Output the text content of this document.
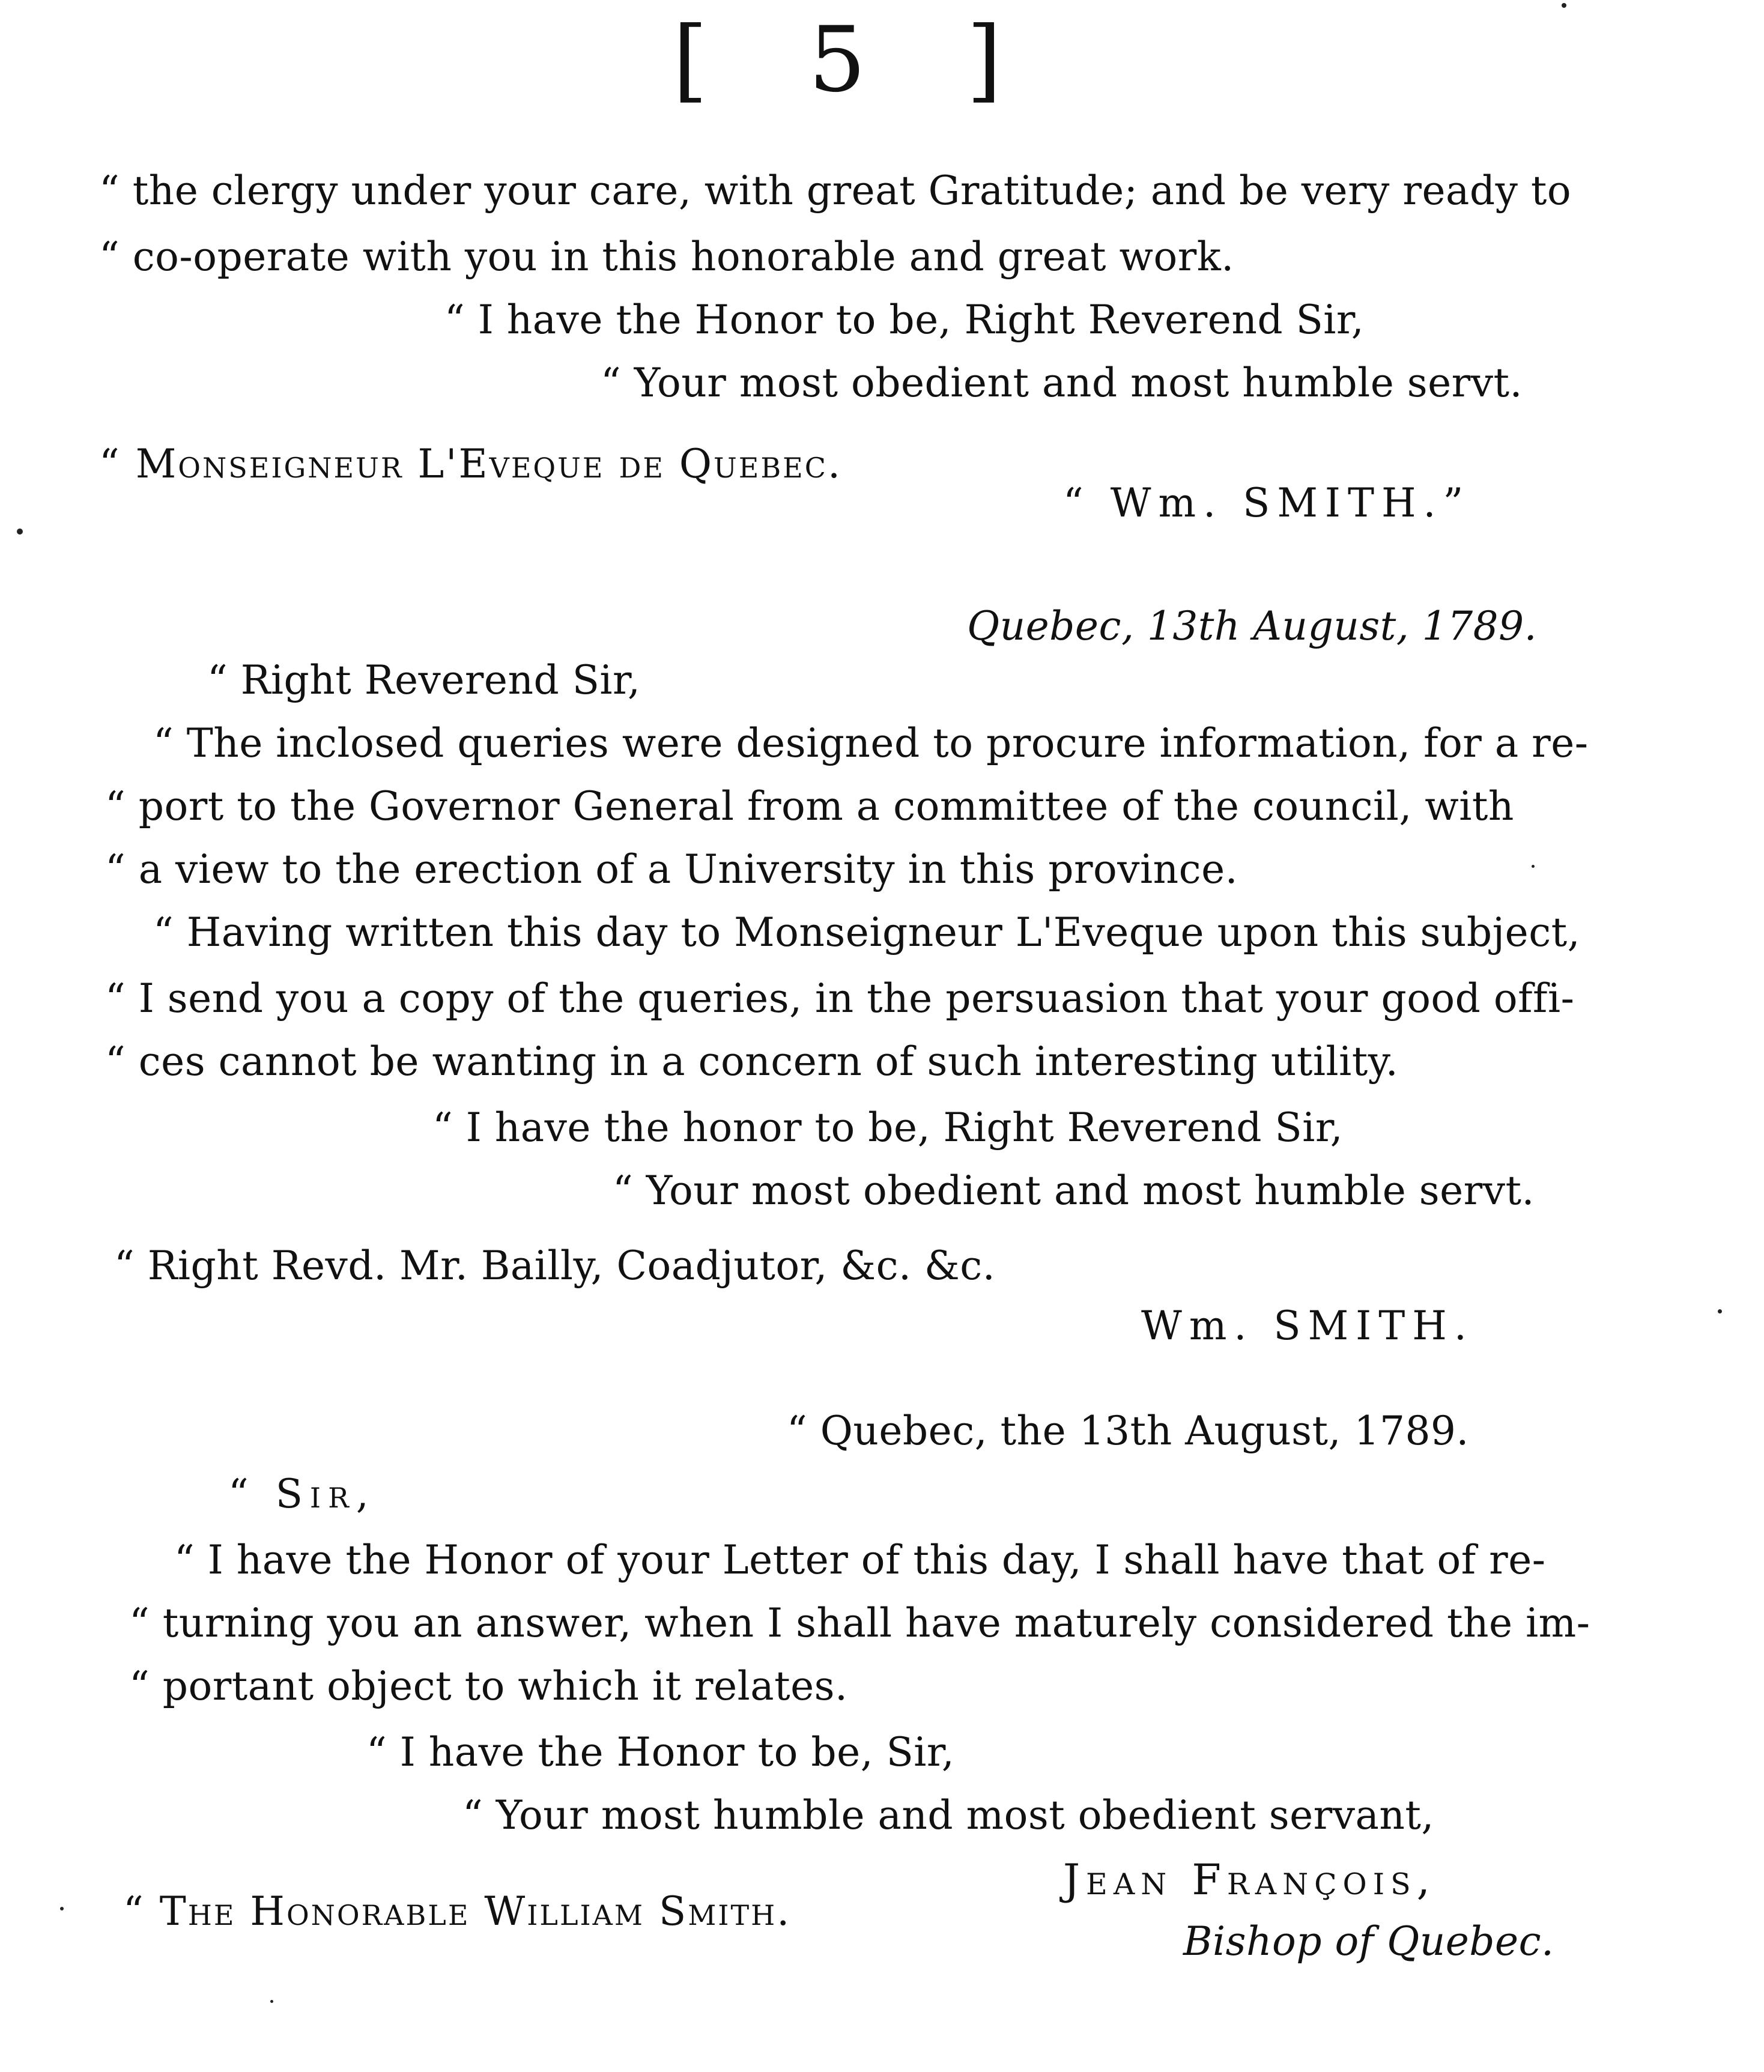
[ 5 ]
“ the clergy under your care, with great Gratitude; and be very ready to
“ co-operate with you in this honorable and great work.
“ I have the Honor to be, Right Reverend Sir,
“ Your most obedient and most humble servt.
“ Monseigneur L'Eveque de Quebec.
“ Wm. SMITH.”
Quebec, 13th August, 1789.
“ Right Reverend Sir,
“ The inclosed queries were designed to procure information, for a re-
“ port to the Governor General from a committee of the council, with
“ a view to the erection of a University in this province.
“ Having written this day to Monseigneur L'Eveque upon this subject,
“ I send you a copy of the queries, in the persuasion that your good offi-
“ ces cannot be wanting in a concern of such interesting utility.
“ I have the honor to be, Right Reverend Sir,
“ Your most obedient and most humble servt.
“ Right Revd. Mr. Bailly, Coadjutor, &c. &c.
Wm. SMITH.
“ Quebec, the 13th August, 1789.
“ Sir,
“ I have the Honor of your Letter of this day, I shall have that of re-
“ turning you an answer, when I shall have maturely considered the im-
“ portant object to which it relates.
“ I have the Honor to be, Sir,
“ Your most humble and most obedient servant,
“ The Honorable William Smith.
Jean François,
Bishop of Quebec.
